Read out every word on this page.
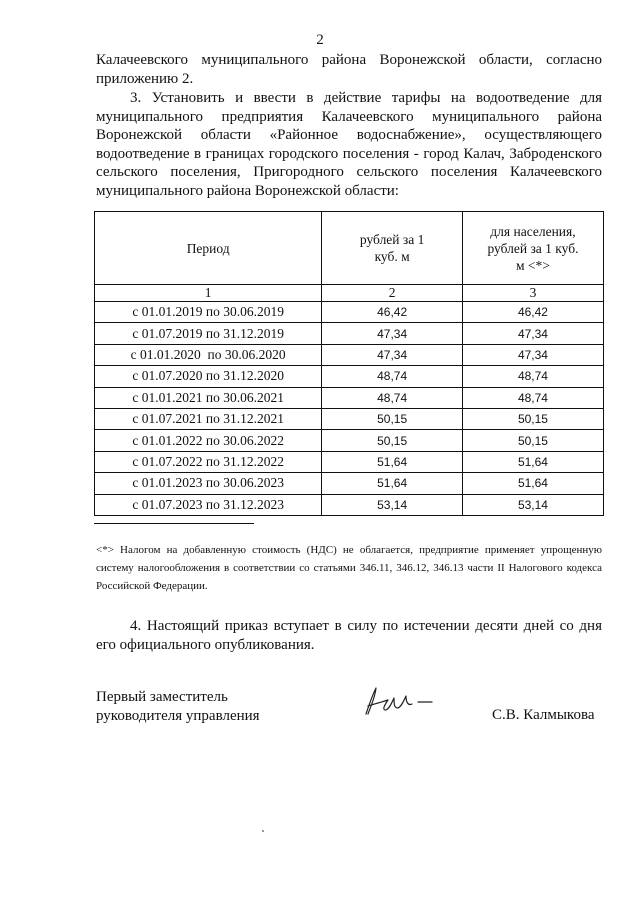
2

Калачеевского муниципального района Воронежской области, согласно приложению 2.

3. Установить и ввести в действие тарифы на водоотведение для муниципального предприятия Калачеевского муниципального района Воронежской области «Районное водоснабжение», осуществляющего водоотведение в границах городского поселения - город Калач, Заброденского сельского поселения, Пригородного сельского поселения Калачеевского муниципального района Воронежской области:

Период	рублей за 1 куб. м	для населения, рублей за 1 куб. м <*>

1	2	3
с 01.01.2019 по 30.06.2019	46,42	46,42
с 01.07.2019 по 31.12.2019	47,34	47,34
с 01.01.2020  по 30.06.2020	47,34	47,34
с 01.07.2020 по 31.12.2020	48,74	48,74
с 01.01.2021 по 30.06.2021	48,74	48,74
с 01.07.2021 по 31.12.2021	50,15	50,15
с 01.01.2022 по 30.06.2022	50,15	50,15
с 01.07.2022 по 31.12.2022	51,64	51,64
с 01.01.2023 по 30.06.2023	51,64	51,64
с 01.07.2023 по 31.12.2023	53,14	53,14

<*> Налогом на добавленную стоимость (НДС) не облагается, предприятие применяет упрощенную систему налогообложения в соответствии со статьями 346.11, 346.12, 346.13 части II Налогового кодекса Российской Федерации.

4. Настоящий приказ вступает в силу по истечении десяти дней со дня его официального опубликования.

Первый заместитель
руководителя управления	С.В. Калмыкова
